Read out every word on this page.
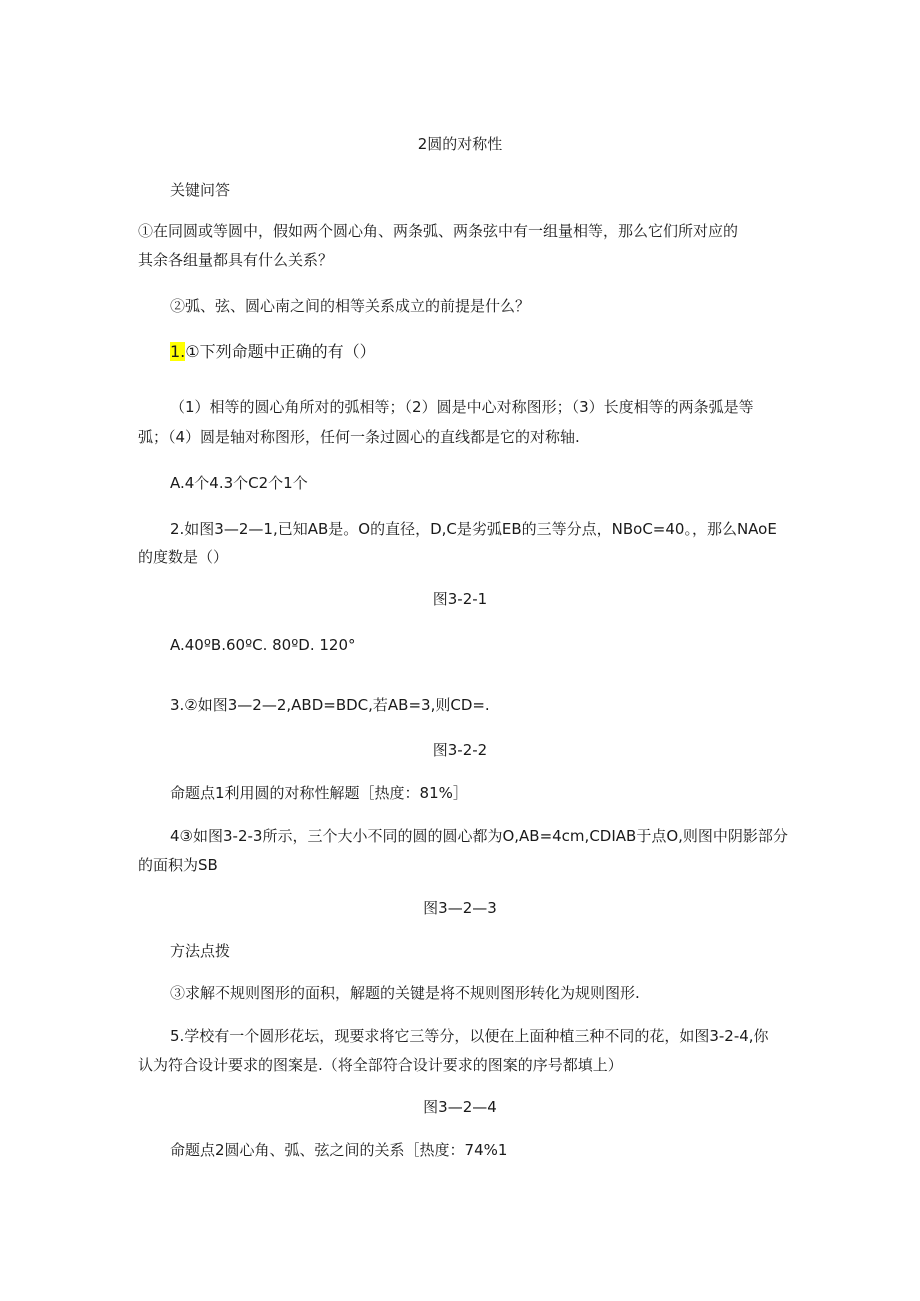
2圆的对称性
关键问答
①在同圆或等圆中，假如两个圆心角、两条弧、两条弦中有一组量相等，那么它们所对应的
其余各组量都具有什么关系？
②弧、弦、圆心南之间的相等关系成立的前提是什么？
1.①下列命题中正确的有（）
（1）相等的圆心角所对的弧相等；（2）圆是中心对称图形；（3）长度相等的两条弧是等
弧；（4）圆是轴对称图形，任何一条过圆心的直线都是它的对称轴.
A.4个4.3个C2个1个
2.如图3—2—1,已知AB是。O的直径，D,C是劣弧EB的三等分点，NBoC=40。，那么NAoE
的度数是（）
图3-2-1
A.40ºB.60ºC. 80ºD. 120°
3.②如图3—2—2,ABD=BDC,若AB=3,则CD=.
图3-2-2
命题点1利用圆的对称性解题［热度：81%］
4③如图3-2-3所示，三个大小不同的圆的圆心都为O,AB=4cm,CDIAB于点O,则图中阴影部分
的面积为SB
图3—2—3
方法点拨
③求解不规则图形的面积，解题的关键是将不规则图形转化为规则图形.
5.学校有一个圆形花坛，现要求将它三等分，以便在上面种植三种不同的花，如图3-2-4,你
认为符合设计要求的图案是.（将全部符合设计要求的图案的序号都填上）
图3—2—4
命题点2圆心角、弧、弦之间的关系［热度：74%1
